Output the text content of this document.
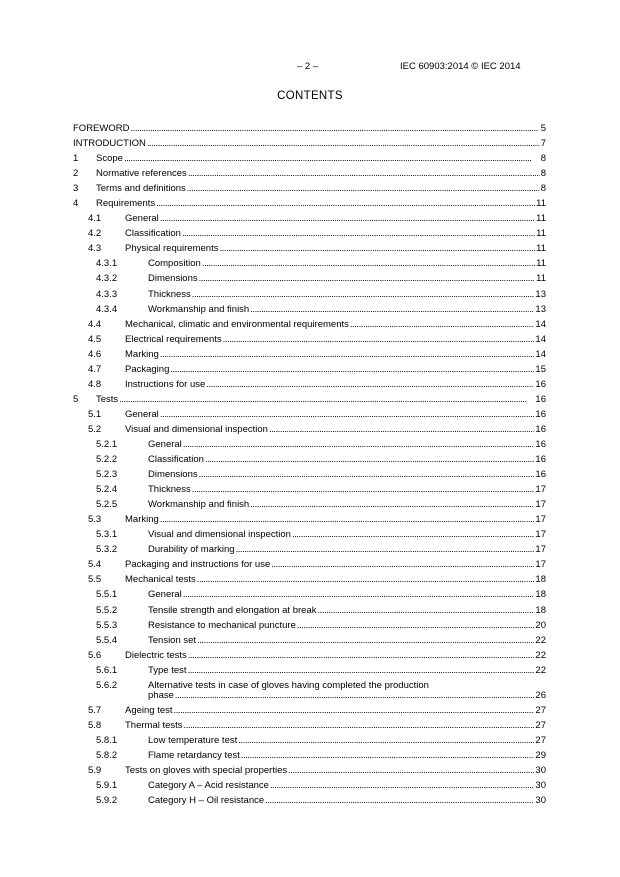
– 2 –	IEC 60903:2014 © IEC 2014
CONTENTS
FOREWORD . . .	5
INTRODUCTION . . .	7
1 Scope . . .	8
2 Normative references . . .	8
3 Terms and definitions . . .	8
4 Requirements . . .	11
4.1	General . . .	11
4.2	Classification . . .	11
4.3	Physical requirements . . .	11
4.3.1	Composition . . .	11
4.3.2	Dimensions . . .	11
4.3.3	Thickness . . .	13
4.3.4	Workmanship and finish . . .	13
4.4	Mechanical, climatic and environmental requirements . . .	14
4.5	Electrical requirements . . .	14
4.6	Marking . . .	14
4.7	Packaging . . .	15
4.8	Instructions for use . . .	16
5 Tests . . .	16
5.1	General . . .	16
5.2	Visual and dimensional inspection . . .	16
5.2.1	General . . .	16
5.2.2	Classification . . .	16
5.2.3	Dimensions . . .	16
5.2.4	Thickness . . .	17
5.2.5	Workmanship and finish . . .	17
5.3	Marking . . .	17
5.3.1	Visual and dimensional inspection . . .	17
5.3.2	Durability of marking . . .	17
5.4	Packaging and instructions for use . . .	17
5.5	Mechanical tests . . .	18
5.5.1	General . . .	18
5.5.2	Tensile strength and elongation at break . . .	18
5.5.3	Resistance to mechanical puncture . . .	20
5.5.4	Tension set . . .	22
5.6	Dielectric tests . . .	22
5.6.1	Type test . . .	22
5.6.2	Alternative tests in case of gloves having completed the production
phase . . .	26
5.7	Ageing test . . .	27
5.8	Thermal tests . . .	27
5.8.1	Low temperature test . . .	27
5.8.2	Flame retardancy test . . .	29
5.9	Tests on gloves with special properties . . .	30
5.9.1	Category A – Acid resistance . . .	30
5.9.2	Category H – Oil resistance . . .	30
